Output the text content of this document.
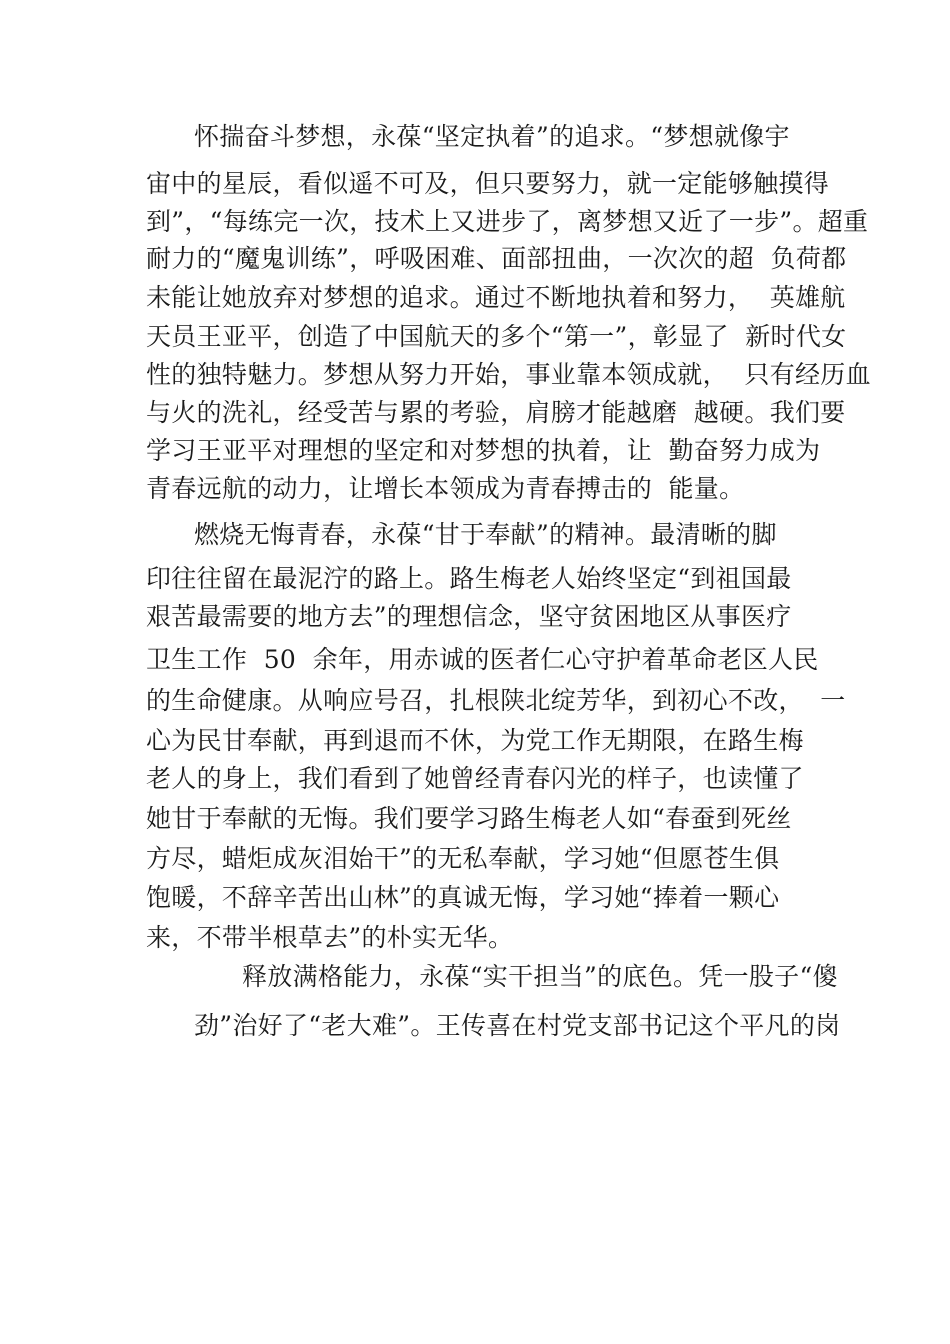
怀揣奋斗梦想，永葆“坚定执着”的追求。“梦想就像宇
宙中的星辰，看似遥不可及，但只要努力，就一定能够触摸得
到”，“每练完一次，技术上又进步了，离梦想又近了一步”。超重
耐力的“魔鬼训练”，呼吸困难、面部扭曲，一次次的超  负荷都
未能让她放弃对梦想的追求。通过不断地执着和努力，  英雄航
天员王亚平，创造了中国航天的多个“第一”，彰显了  新时代女
性的独特魅力。梦想从努力开始，事业靠本领成就，  只有经历血
与火的洗礼，经受苦与累的考验，肩膀才能越磨  越硬。我们要
学习王亚平对理想的坚定和对梦想的执着，让  勤奋努力成为
青春远航的动力，让增长本领成为青春搏击的  能量。
燃烧无悔青春，永葆“甘于奉献”的精神。最清晰的脚
印往往留在最泥泞的路上。路生梅老人始终坚定“到祖国最
艰苦最需要的地方去”的理想信念，坚守贫困地区从事医疗
卫生工作  50  余年，用赤诚的医者仁心守护着革命老区人民
的生命健康。从响应号召，扎根陕北绽芳华，到初心不改，  一
心为民甘奉献，再到退而不休，为党工作无期限，在路生梅
老人的身上，我们看到了她曾经青春闪光的样子，也读懂了
她甘于奉献的无悔。我们要学习路生梅老人如“春蚕到死丝
方尽，蜡炬成灰泪始干”的无私奉献，学习她“但愿苍生俱
饱暖，不辞辛苦出山林”的真诚无悔，学习她“捧着一颗心
来，不带半根草去”的朴实无华。
释放满格能力，永葆“实干担当”的底色。凭一股子“傻
劲”治好了“老大难”。王传喜在村党支部书记这个平凡的岗
